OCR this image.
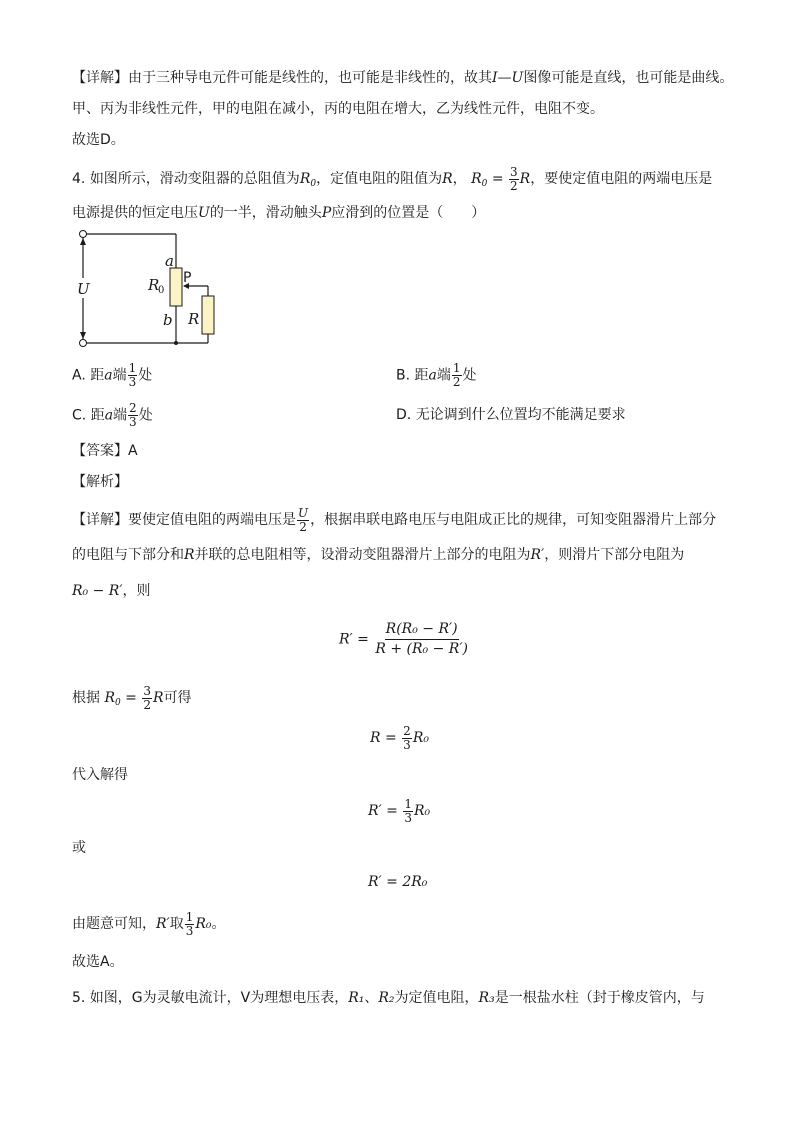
【详解】由于三种导电元件可能是线性的，也可能是非线性的，故其I—U图像可能是直线，也可能是曲线。
甲、丙为非线性元件，甲的电阻在减小，丙的电阻在增大，乙为线性元件，电阻不变。
故选D。
4. 如图所示，滑动变阻器的总阻值为$R_0$，定值电阻的阻值为R， $R_0 = \frac{3}{2}$ R，要使定值电阻的两端电压是
电源提供的恒定电压U的一半，滑动触头P应滑到的位置是（　　）
U
a
P
R
0
b R
A. 距a端 $\frac{1}{3}$ 处	B. 距a端 $\frac{1}{2}$ 处
C. 距a端 $\frac{2}{3}$ 处	D. 无论调到什么位置均不能满足要求
【答案】A
【解析】
【详解】要使定值电阻的两端电压是 $\frac{U}{2}$ ，根据串联电路电压与电阻成正比的规律，可知变阻器滑片上部分
的电阻与下部分和R并联的总电阻相等，设滑动变阻器滑片上部分的电阻为R′，则滑片下部分电阻为
R₀ − R′，则
$R' = \frac{\text{R(R₀ − R′)}}{\text{R + (R₀ − R′)}}$
根据 $R_0 = \frac{3}{2}$ R可得
$R = \frac{2}{3} R_0$
代入解得
$R' = \frac{1}{3} R_0$
或
R′ = 2R₀
由题意可知，R′取 $\frac{1}{3} R_0$。
故选A。
5. 如图，G为灵敏电流计，V为理想电压表，R₁、R₂为定值电阻，R₃是一根盐水柱（封于橡皮管内，与
